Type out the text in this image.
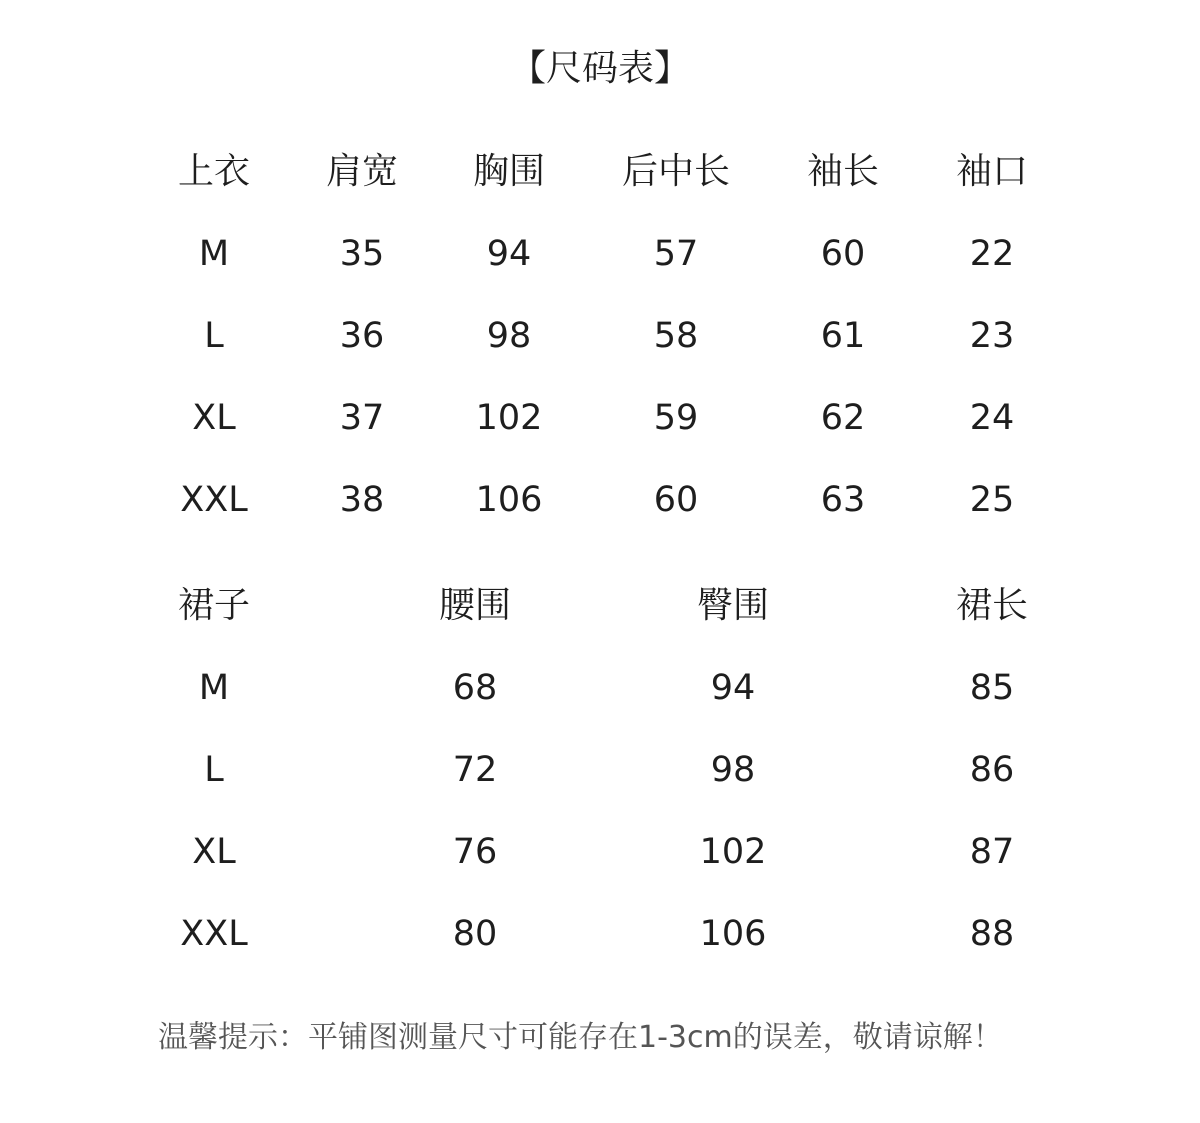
【尺码表】
上衣	肩宽	胸围	后中长	袖长	袖口
M	35	94	57	60	22
L	36	98	58	61	23
XL	37	102	59	62	24
XXL	38	106	60	63	25
裙子	腰围	臀围	裙长
M	68	94	85
L	72	98	86
XL	76	102	87
XXL	80	106	88
温馨提示：平铺图测量尺寸可能存在1-3cm的误差，敬请谅解！
